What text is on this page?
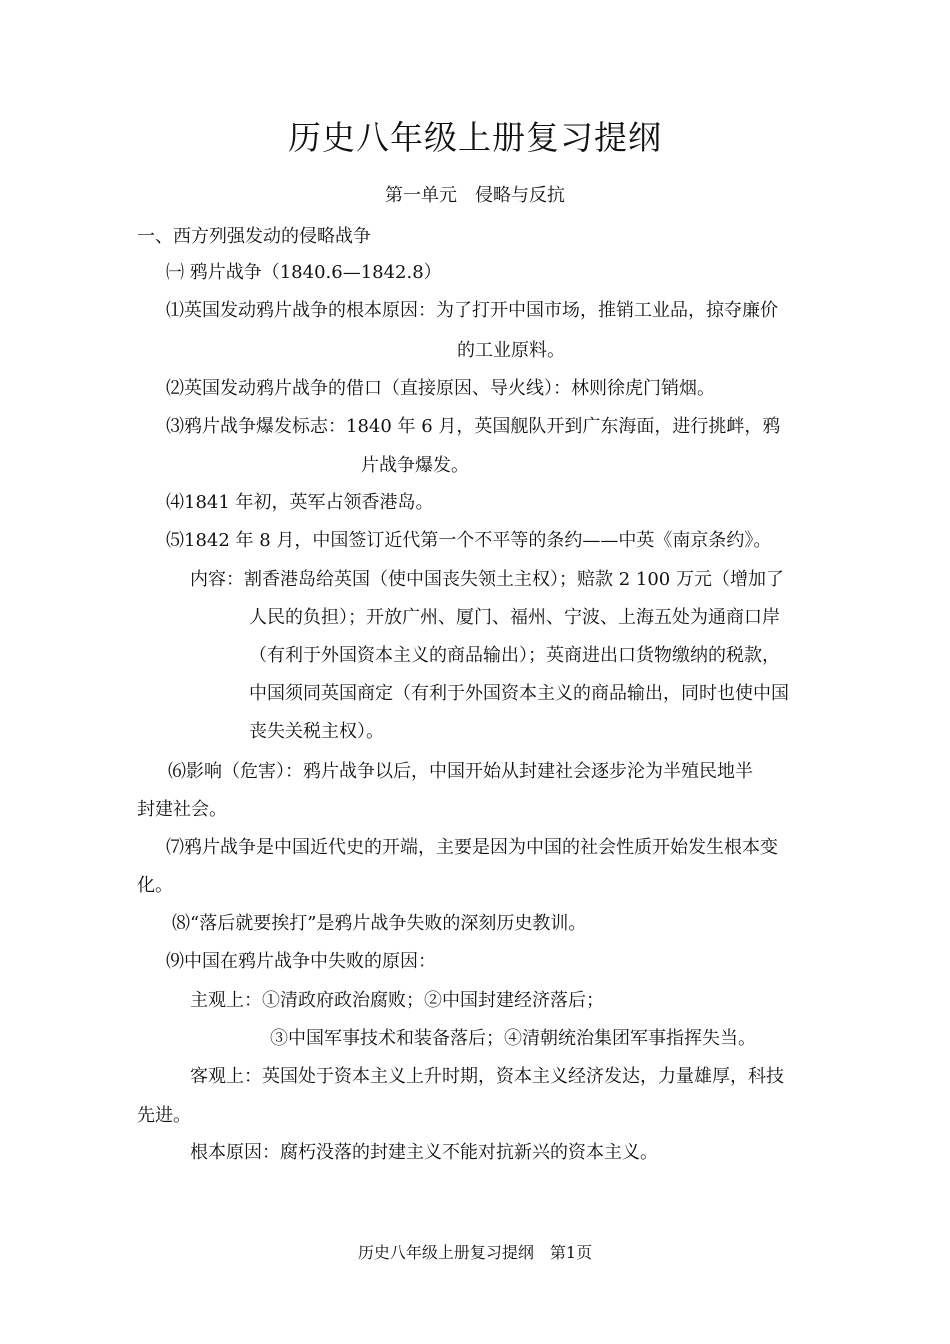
历史八年级上册复习提纲
第一单元　侵略与反抗
一、西方列强发动的侵略战争
㈠ 鸦片战争（1840.6—1842.8）
⑴英国发动鸦片战争的根本原因：为了打开中国市场，推销工业品，掠夺廉价
的工业原料。
⑵英国发动鸦片战争的借口（直接原因、导火线）：林则徐虎门销烟。
⑶鸦片战争爆发标志：1840 年 6 月，英国舰队开到广东海面，进行挑衅，鸦
片战争爆发。
⑷1841 年初，英军占领香港岛。
⑸1842 年 8 月，中国签订近代第一个不平等的条约——中英《南京条约》。
内容：割香港岛给英国（使中国丧失领土主权）；赔款 2 100 万元（增加了
人民的负担）；开放广州、厦门、福州、宁波、上海五处为通商口岸
（有利于外国资本主义的商品输出）；英商进出口货物缴纳的税款，
中国须同英国商定（有利于外国资本主义的商品输出，同时也使中国
丧失关税主权）。
⑹影响（危害）：鸦片战争以后，中国开始从封建社会逐步沦为半殖民地半
封建社会。
⑺鸦片战争是中国近代史的开端，主要是因为中国的社会性质开始发生根本变
化。
⑻“落后就要挨打”是鸦片战争失败的深刻历史教训。
⑼中国在鸦片战争中失败的原因：
主观上：①清政府政治腐败；②中国封建经济落后；
③中国军事技术和装备落后；④清朝统治集团军事指挥失当。
客观上：英国处于资本主义上升时期，资本主义经济发达，力量雄厚，科技
先进。
根本原因：腐朽没落的封建主义不能对抗新兴的资本主义。
历史八年级上册复习提纲　第1页
